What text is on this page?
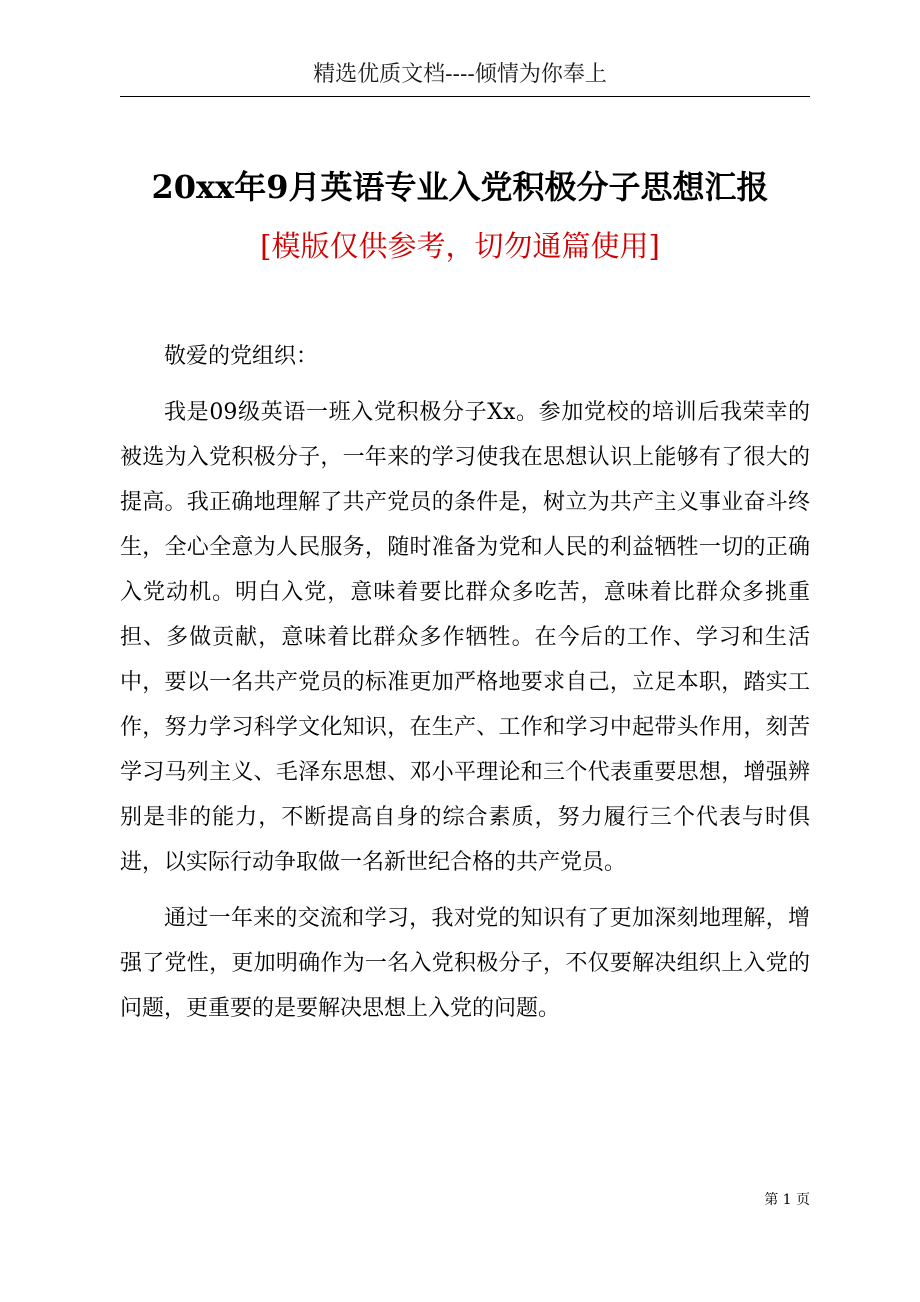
精选优质文档----倾情为你奉上
20xx年9月英语专业入党积极分子思想汇报
[模版仅供参考，切勿通篇使用]

敬爱的党组织：

我是09级英语一班入党积极分子Xx。参加党校的培训后我荣幸的被选为入党积极分子，一年来的学习使我在思想认识上能够有了很大的提高。我正确地理解了共产党员的条件是，树立为共产主义事业奋斗终生，全心全意为人民服务，随时准备为党和人民的利益牺牲一切的正确入党动机。明白入党，意味着要比群众多吃苦，意味着比群众多挑重担、多做贡献，意味着比群众多作牺牲。在今后的工作、学习和生活中，要以一名共产党员的标准更加严格地要求自己，立足本职，踏实工作，努力学习科学文化知识，在生产、工作和学习中起带头作用，刻苦学习马列主义、毛泽东思想、邓小平理论和三个代表重要思想，增强辨别是非的能力，不断提高自身的综合素质，努力履行三个代表与时俱进，以实际行动争取做一名新世纪合格的共产党员。

通过一年来的交流和学习，我对党的知识有了更加深刻地理解，增强了党性，更加明确作为一名入党积极分子，不仅要解决组织上入党的问题，更重要的是要解决思想上入党的问题。

第 1 页
